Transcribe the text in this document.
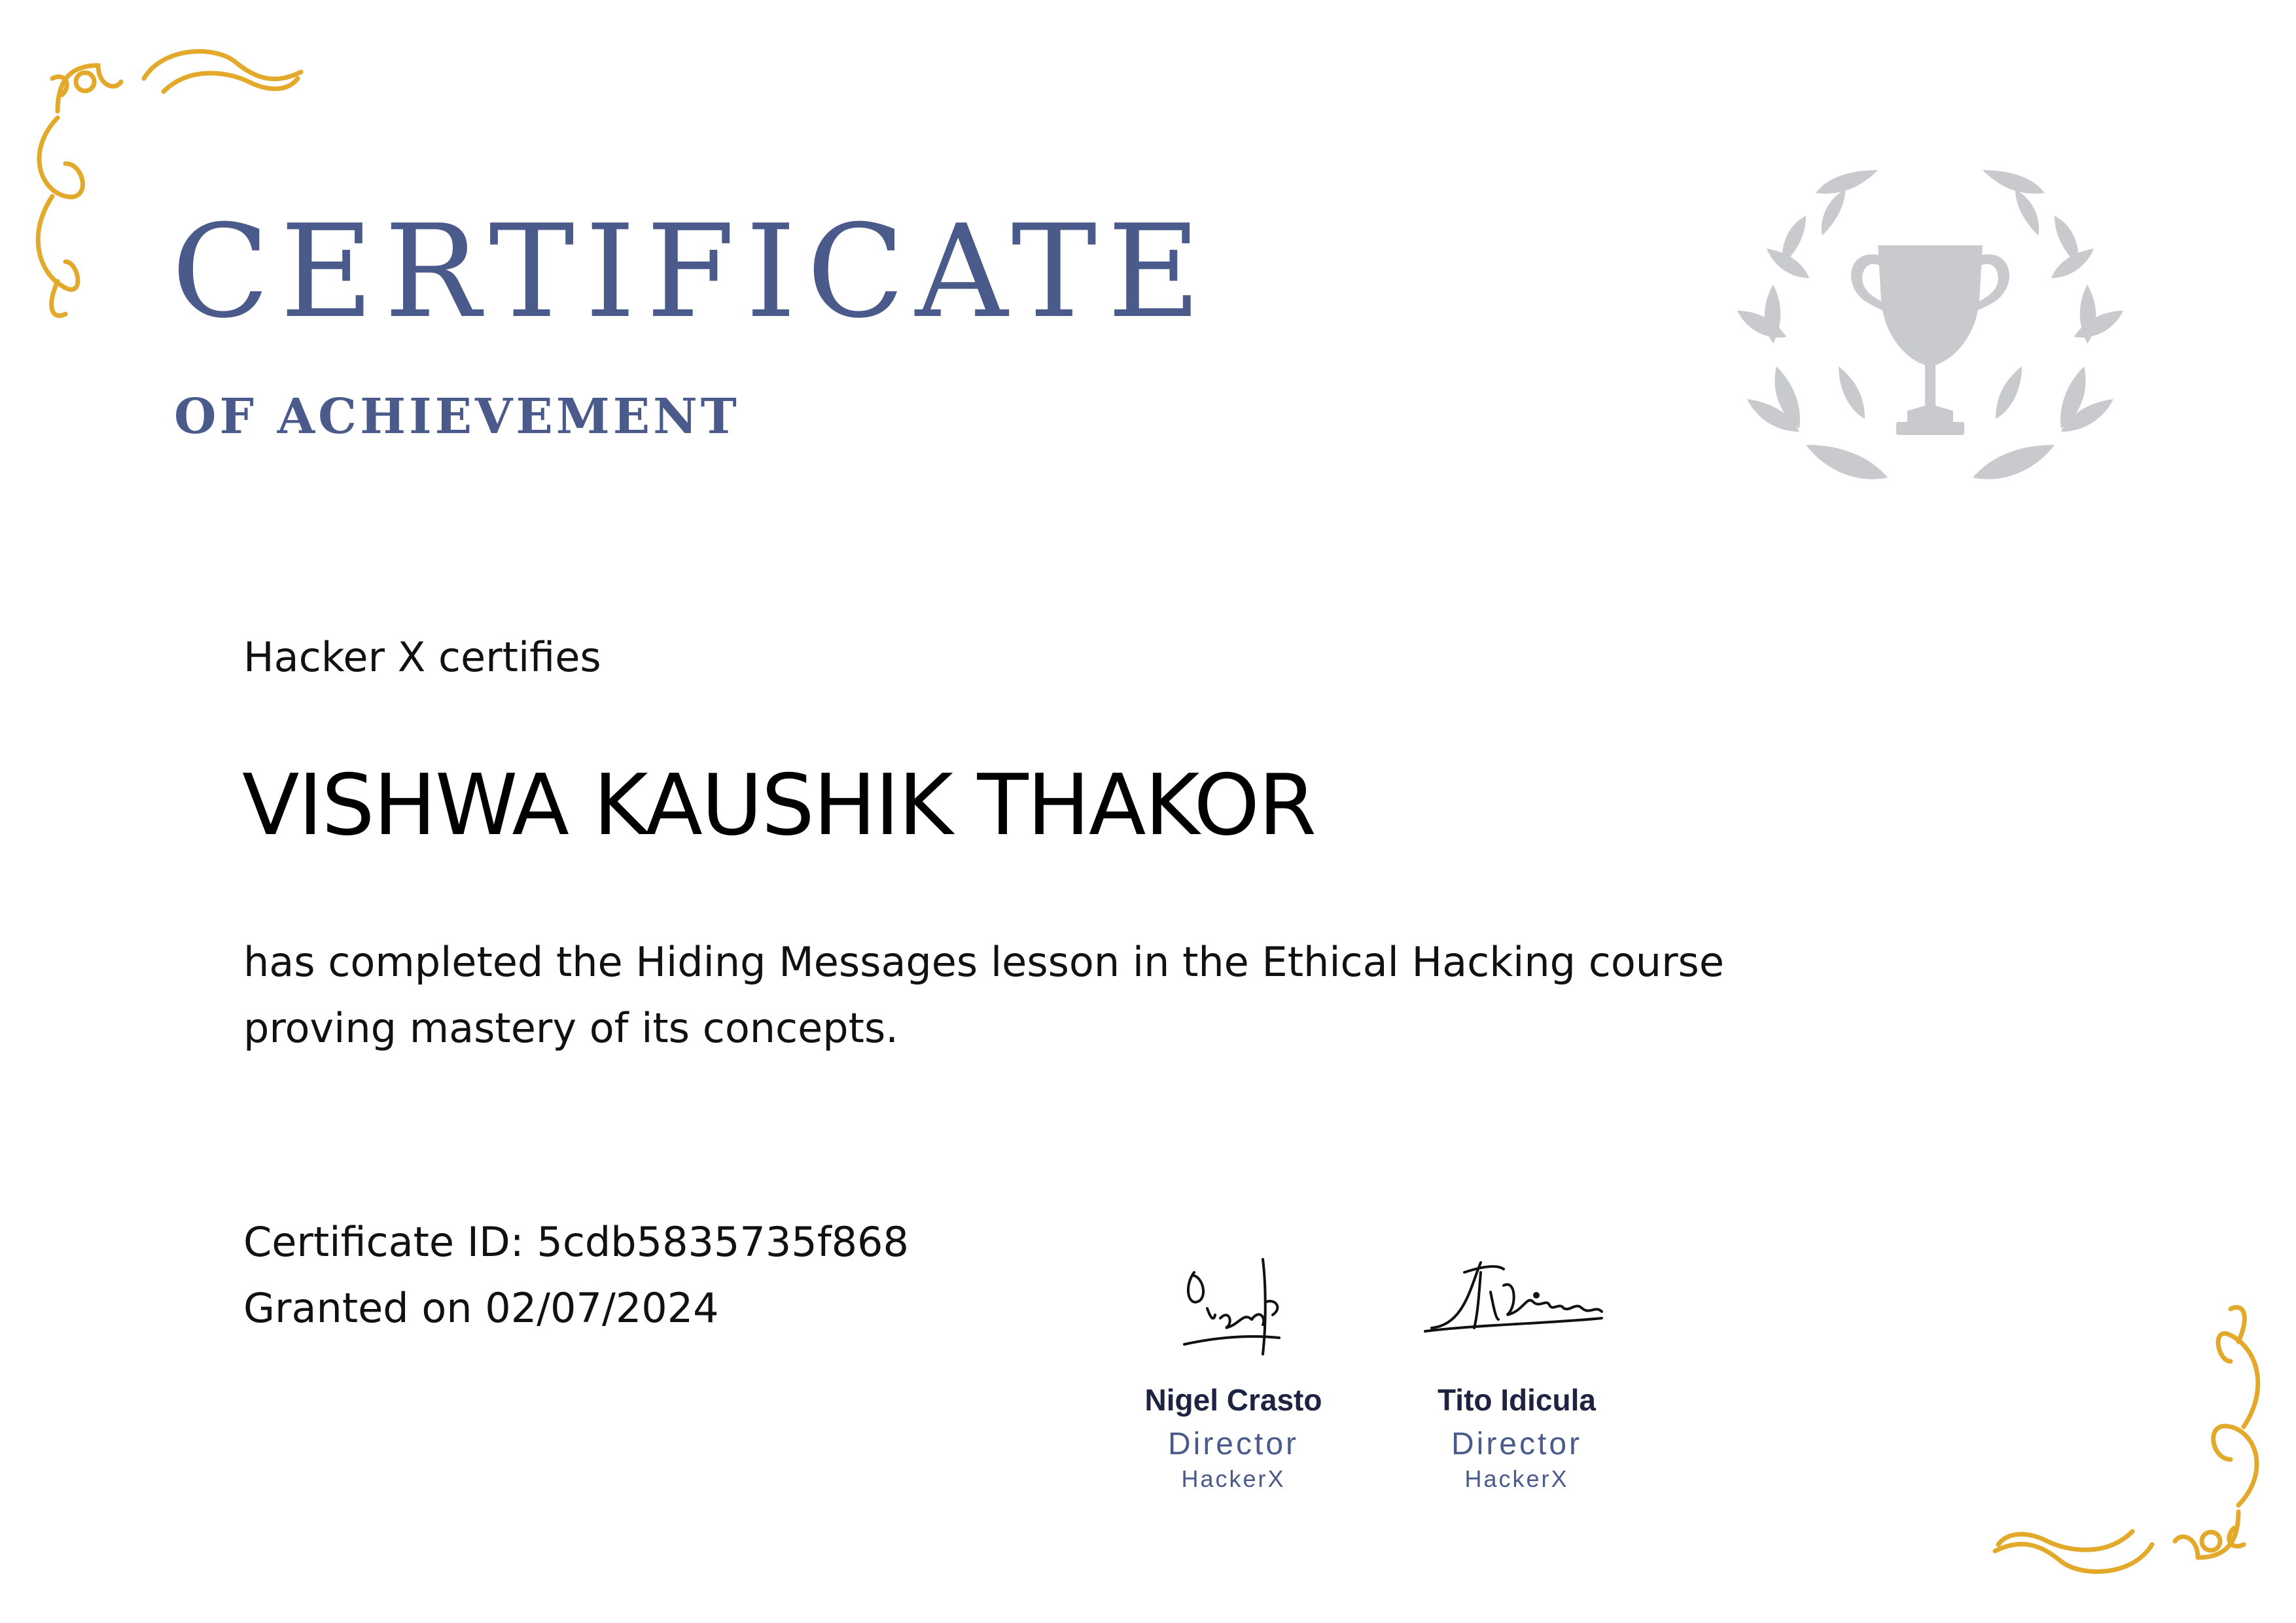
CERTIFICATE
OF ACHIEVEMENT
Hacker X certifies
VISHWA KAUSHIK THAKOR
has completed the Hiding Messages lesson in the Ethical Hacking course
proving mastery of its concepts.
Certificate ID: 5cdb5835735f868
Granted on 02/07/2024
Nigel Crasto
Director
HackerX
Tito Idicula
Director
HackerX
